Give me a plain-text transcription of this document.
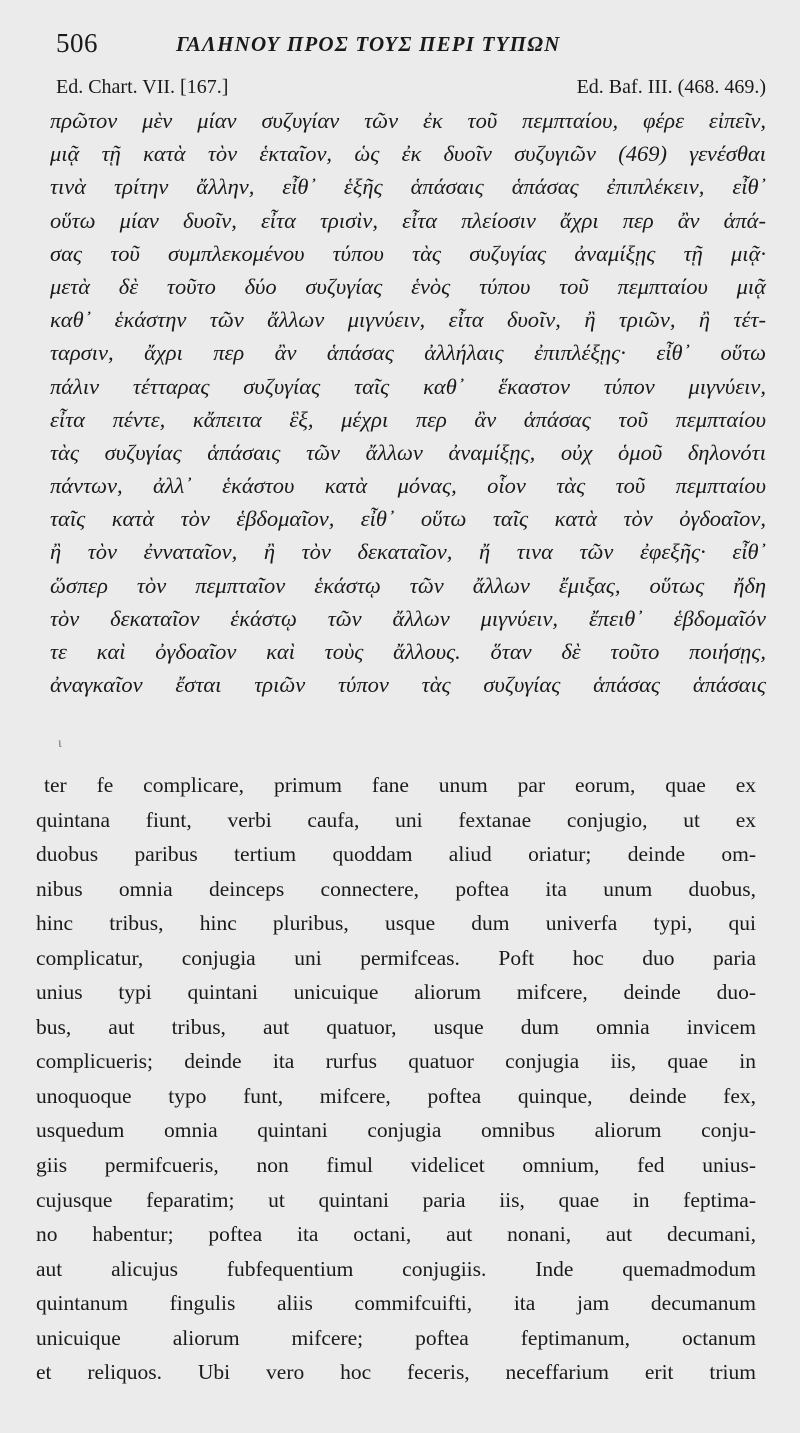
506	ΓΑΛΗΝΟΥ ΠΡΟΣ ΤΟΥΣ ΠΕΡΙ ΤΥΠΩΝ
Ed. Chart. VII. [167.]	Ed. Baf. III. (468. 469.)
πρῶτον μὲν μίαν συζυγίαν τῶν ἐκ τοῦ πεμπταίου, φέρε εἰπεῖν,
μιᾷ τῇ κατὰ τὸν ἑκταῖον, ὡς ἐκ δυοῖν συζυγιῶν (469) γενέσθαι
τινὰ τρίτην ἄλλην, εἶθ᾽ ἑξῆς ἁπάσαις ἁπάσας ἐπιπλέκειν, εἶθ᾽
οὕτω μίαν δυοῖν, εἶτα τρισὶν, εἶτα πλείοσιν ἄχρι περ ἂν ἁπά-
σας τοῦ συμπλεκομένου τύπου τὰς συζυγίας ἀναμίξῃς τῇ μιᾷ·
μετὰ δὲ τοῦτο δύο συζυγίας ἑνὸς τύπου τοῦ πεμπταίου μιᾷ
καθ᾽ ἑκάστην τῶν ἄλλων μιγνύειν, εἶτα δυοῖν, ἢ τριῶν, ἢ τέτ-
ταρσιν, ἄχρι περ ἂν ἁπάσας ἀλλήλαις ἐπιπλέξῃς· εἶθ᾽ οὕτω
πάλιν τέτταρας συζυγίας ταῖς καθ᾽ ἕκαστον τύπον μιγνύειν,
εἶτα πέντε, κἄπειτα ἓξ, μέχρι περ ἂν ἁπάσας τοῦ πεμπταίου
τὰς συζυγίας ἁπάσαις τῶν ἄλλων ἀναμίξῃς, οὐχ ὁμοῦ δηλονότι
πάντων, ἀλλ᾽ ἑκάστου κατὰ μόνας, οἷον τὰς τοῦ πεμπταίου
ταῖς κατὰ τὸν ἑβδομαῖον, εἶθ᾽ οὕτω ταῖς κατὰ τὸν ὀγδοαῖον,
ἢ τὸν ἐνναταῖον, ἢ τὸν δεκαταῖον, ἤ τινα τῶν ἐφεξῆς· εἶθ᾽
ὥσπερ τὸν πεμπταῖον ἑκάστῳ τῶν ἄλλων ἔμιξας, οὕτως ἤδη
τὸν δεκαταῖον ἑκάστῳ τῶν ἄλλων μιγνύειν, ἔπειθ᾽ ἑβδομαῖόν
τε καὶ ὀγδοαῖον καὶ τοὺς ἄλλους. ὅταν δὲ τοῦτο ποιήσῃς,
ἀναγκαῖον ἔσται τριῶν τύπον τὰς συζυγίας ἁπάσας ἁπάσαις
ι
ter fe complicare, primum fane unum par eorum, quae ex
quintana fiunt, verbi caufa, uni fextanae conjugio, ut ex
duobus paribus tertium quoddam aliud oriatur; deinde om-
nibus omnia deinceps connectere, poftea ita unum duobus,
hinc tribus, hinc pluribus, usque dum univerfa typi, qui
complicatur, conjugia uni permifceas. Poft hoc duo paria
unius typi quintani unicuique aliorum mifcere, deinde duo-
bus, aut tribus, aut quatuor, usque dum omnia invicem
complicueris; deinde ita rurfus quatuor conjugia iis, quae in
unoquoque typo funt, mifcere, poftea quinque, deinde fex,
usquedum omnia quintani conjugia omnibus aliorum conju-
giis permifcueris, non fimul videlicet omnium, fed unius-
cujusque feparatim; ut quintani paria iis, quae in feptima-
no habentur; poftea ita octani, aut nonani, aut decumani,
aut alicujus fubfequentium conjugiis. Inde quemadmodum
quintanum fingulis aliis commifcuifti, ita jam decumanum
unicuique aliorum mifcere; poftea feptimanum, octanum
et reliquos. Ubi vero hoc feceris, neceffarium erit trium
